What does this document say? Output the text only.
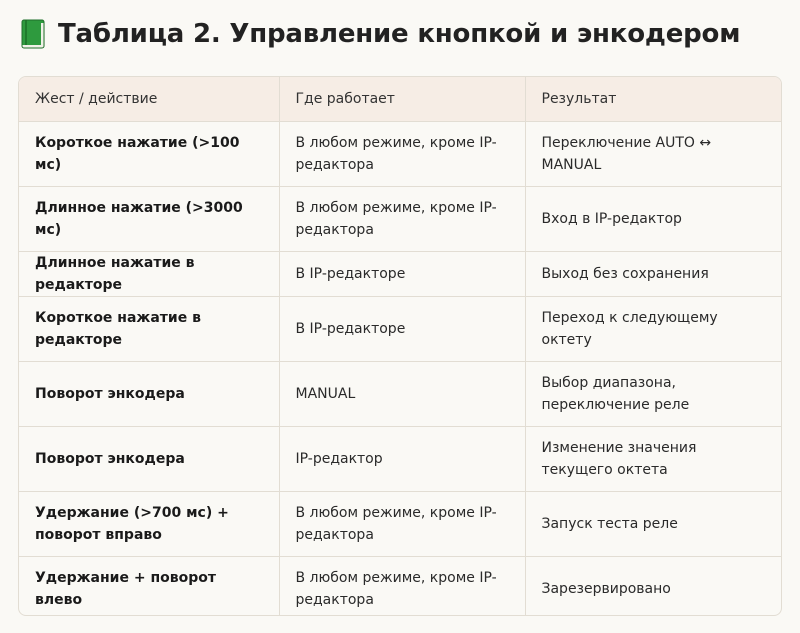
Таблица 2. Управление кнопкой и энкодером
Жест / действие	Где работает	Результат
Короткое нажатие (>100 мс)	В любом режиме, кроме IP-редактора	Переключение AUTO ↔ MANUAL
Длинное нажатие (>3000 мс)	В любом режиме, кроме IP-редактора	Вход в IP-редактор
Длинное нажатие в редакторе	В IP-редакторе	Выход без сохранения
Короткое нажатие в редакторе	В IP-редакторе	Переход к следующему октету
Поворот энкодера	MANUAL	Выбор диапазона, переключение реле
Поворот энкодера	IP-редактор	Изменение значения текущего октета
Удержание (>700 мс) + поворот вправо	В любом режиме, кроме IP-редактора	Запуск теста реле
Удержание + поворот влево	В любом режиме, кроме IP-редактора	Зарезервировано
